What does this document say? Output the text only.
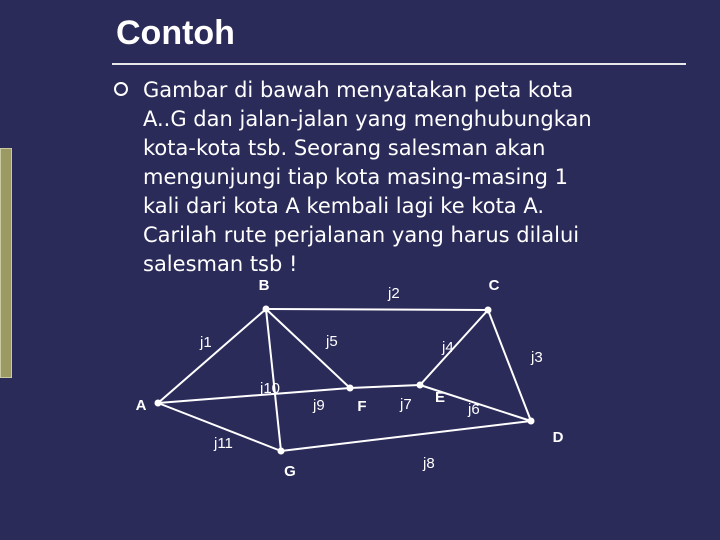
Contoh
Gambar di bawah menyatakan peta kota
A..G dan jalan-jalan yang menghubungkan
kota-kota tsb. Seorang salesman akan
mengunjungi tiap kota masing-masing 1
kali dari kota A kembali lagi ke kota A.
Carilah rute perjalanan yang harus dilalui
salesman tsb !
j1
j2
j3
j4
j5
j6
j7
j8
j9
j10
j11
B	C
A	F
E
D
G
